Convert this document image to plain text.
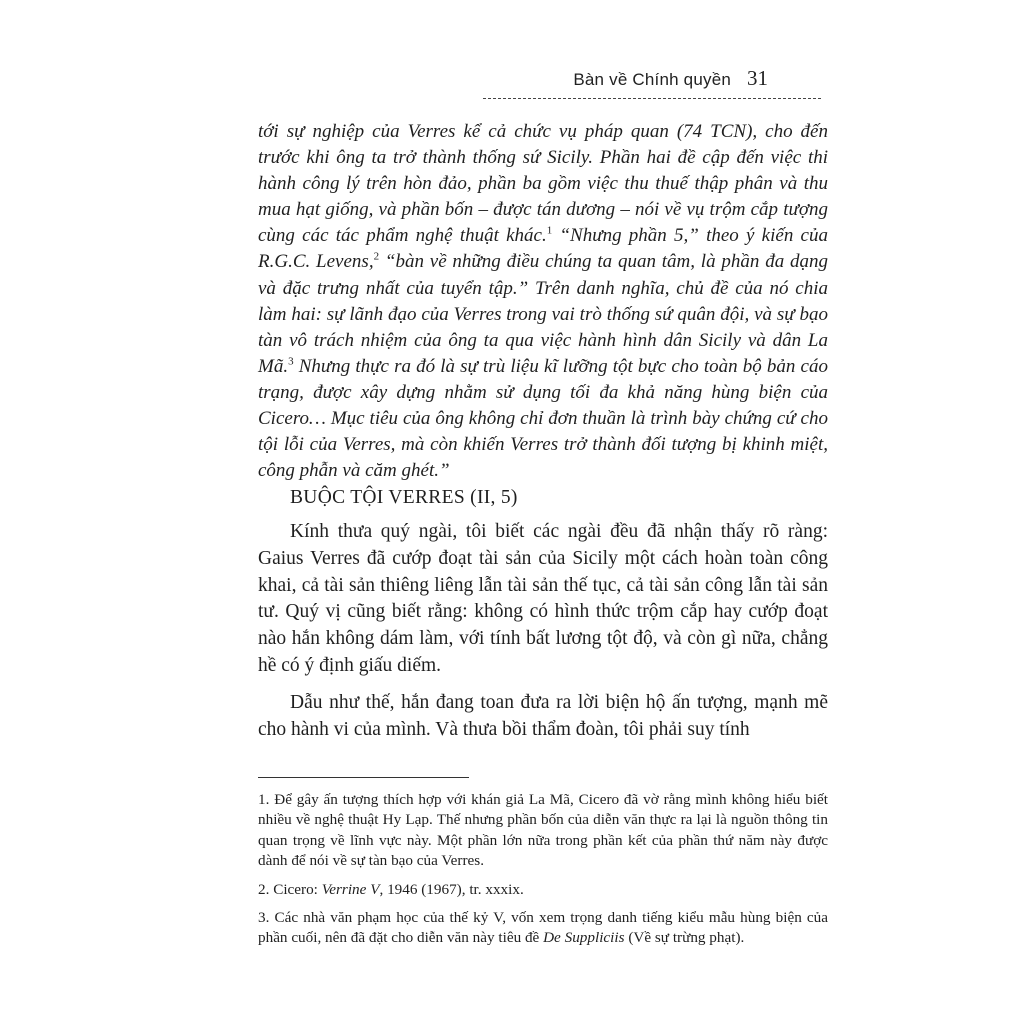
Bàn về Chính quyền 31

tới sự nghiệp của Verres kể cả chức vụ pháp quan (74 TCN), cho đến trước khi ông ta trở thành thống sứ Sicily. Phần hai đề cập đến việc thi hành công lý trên hòn đảo, phần ba gồm việc thu thuế thập phân và thu mua hạt giống, và phần bốn – được tán dương – nói về vụ trộm cắp tượng cùng các tác phẩm nghệ thuật khác.$^1$ “Nhưng phần 5,” theo ý kiến của R.G.C. Levens,$^2$ “bàn về những điều chúng ta quan tâm, là phần đa dạng và đặc trưng nhất của tuyển tập.” Trên danh nghĩa, chủ đề của nó chia làm hai: sự lãnh đạo của Verres trong vai trò thống sứ quân đội, và sự bạo tàn vô trách nhiệm của ông ta qua việc hành hình dân Sicily và dân La Mã.$^3$ Nhưng thực ra đó là sự trù liệu kĩ lưỡng tột bực cho toàn bộ bản cáo trạng, được xây dựng nhằm sử dụng tối đa khả năng hùng biện của Cicero… Mục tiêu của ông không chỉ đơn thuần là trình bày chứng cứ cho tội lỗi của Verres, mà còn khiến Verres trở thành đối tượng bị khinh miệt, công phẫn và căm ghét.”

BUỘC TỘI VERRES (II, 5)

Kính thưa quý ngài, tôi biết các ngài đều đã nhận thấy rõ ràng: Gaius Verres đã cướp đoạt tài sản của Sicily một cách hoàn toàn công khai, cả tài sản thiêng liêng lẫn tài sản thế tục, cả tài sản công lẫn tài sản tư. Quý vị cũng biết rằng: không có hình thức trộm cắp hay cướp đoạt nào hắn không dám làm, với tính bất lương tột độ, và còn gì nữa, chẳng hề có ý định giấu diếm.

Dẫu như thế, hắn đang toan đưa ra lời biện hộ ấn tượng, mạnh mẽ cho hành vi của mình. Và thưa bồi thẩm đoàn, tôi phải suy tính

1. Để gây ấn tượng thích hợp với khán giả La Mã, Cicero đã vờ rằng mình không hiểu biết nhiều về nghệ thuật Hy Lạp. Thế nhưng phần bốn của diễn văn thực ra lại là nguồn thông tin quan trọng về lĩnh vực này. Một phần lớn nữa trong phần kết của phần thứ năm này được dành để nói về sự tàn bạo của Verres.

2. Cicero: Verrine V, 1946 (1967), tr. xxxix.

3. Các nhà văn phạm học của thế kỷ V, vốn xem trọng danh tiếng kiểu mẫu hùng biện của phần cuối, nên đã đặt cho diễn văn này tiêu đề De Suppliciis (Về sự trừng phạt).
